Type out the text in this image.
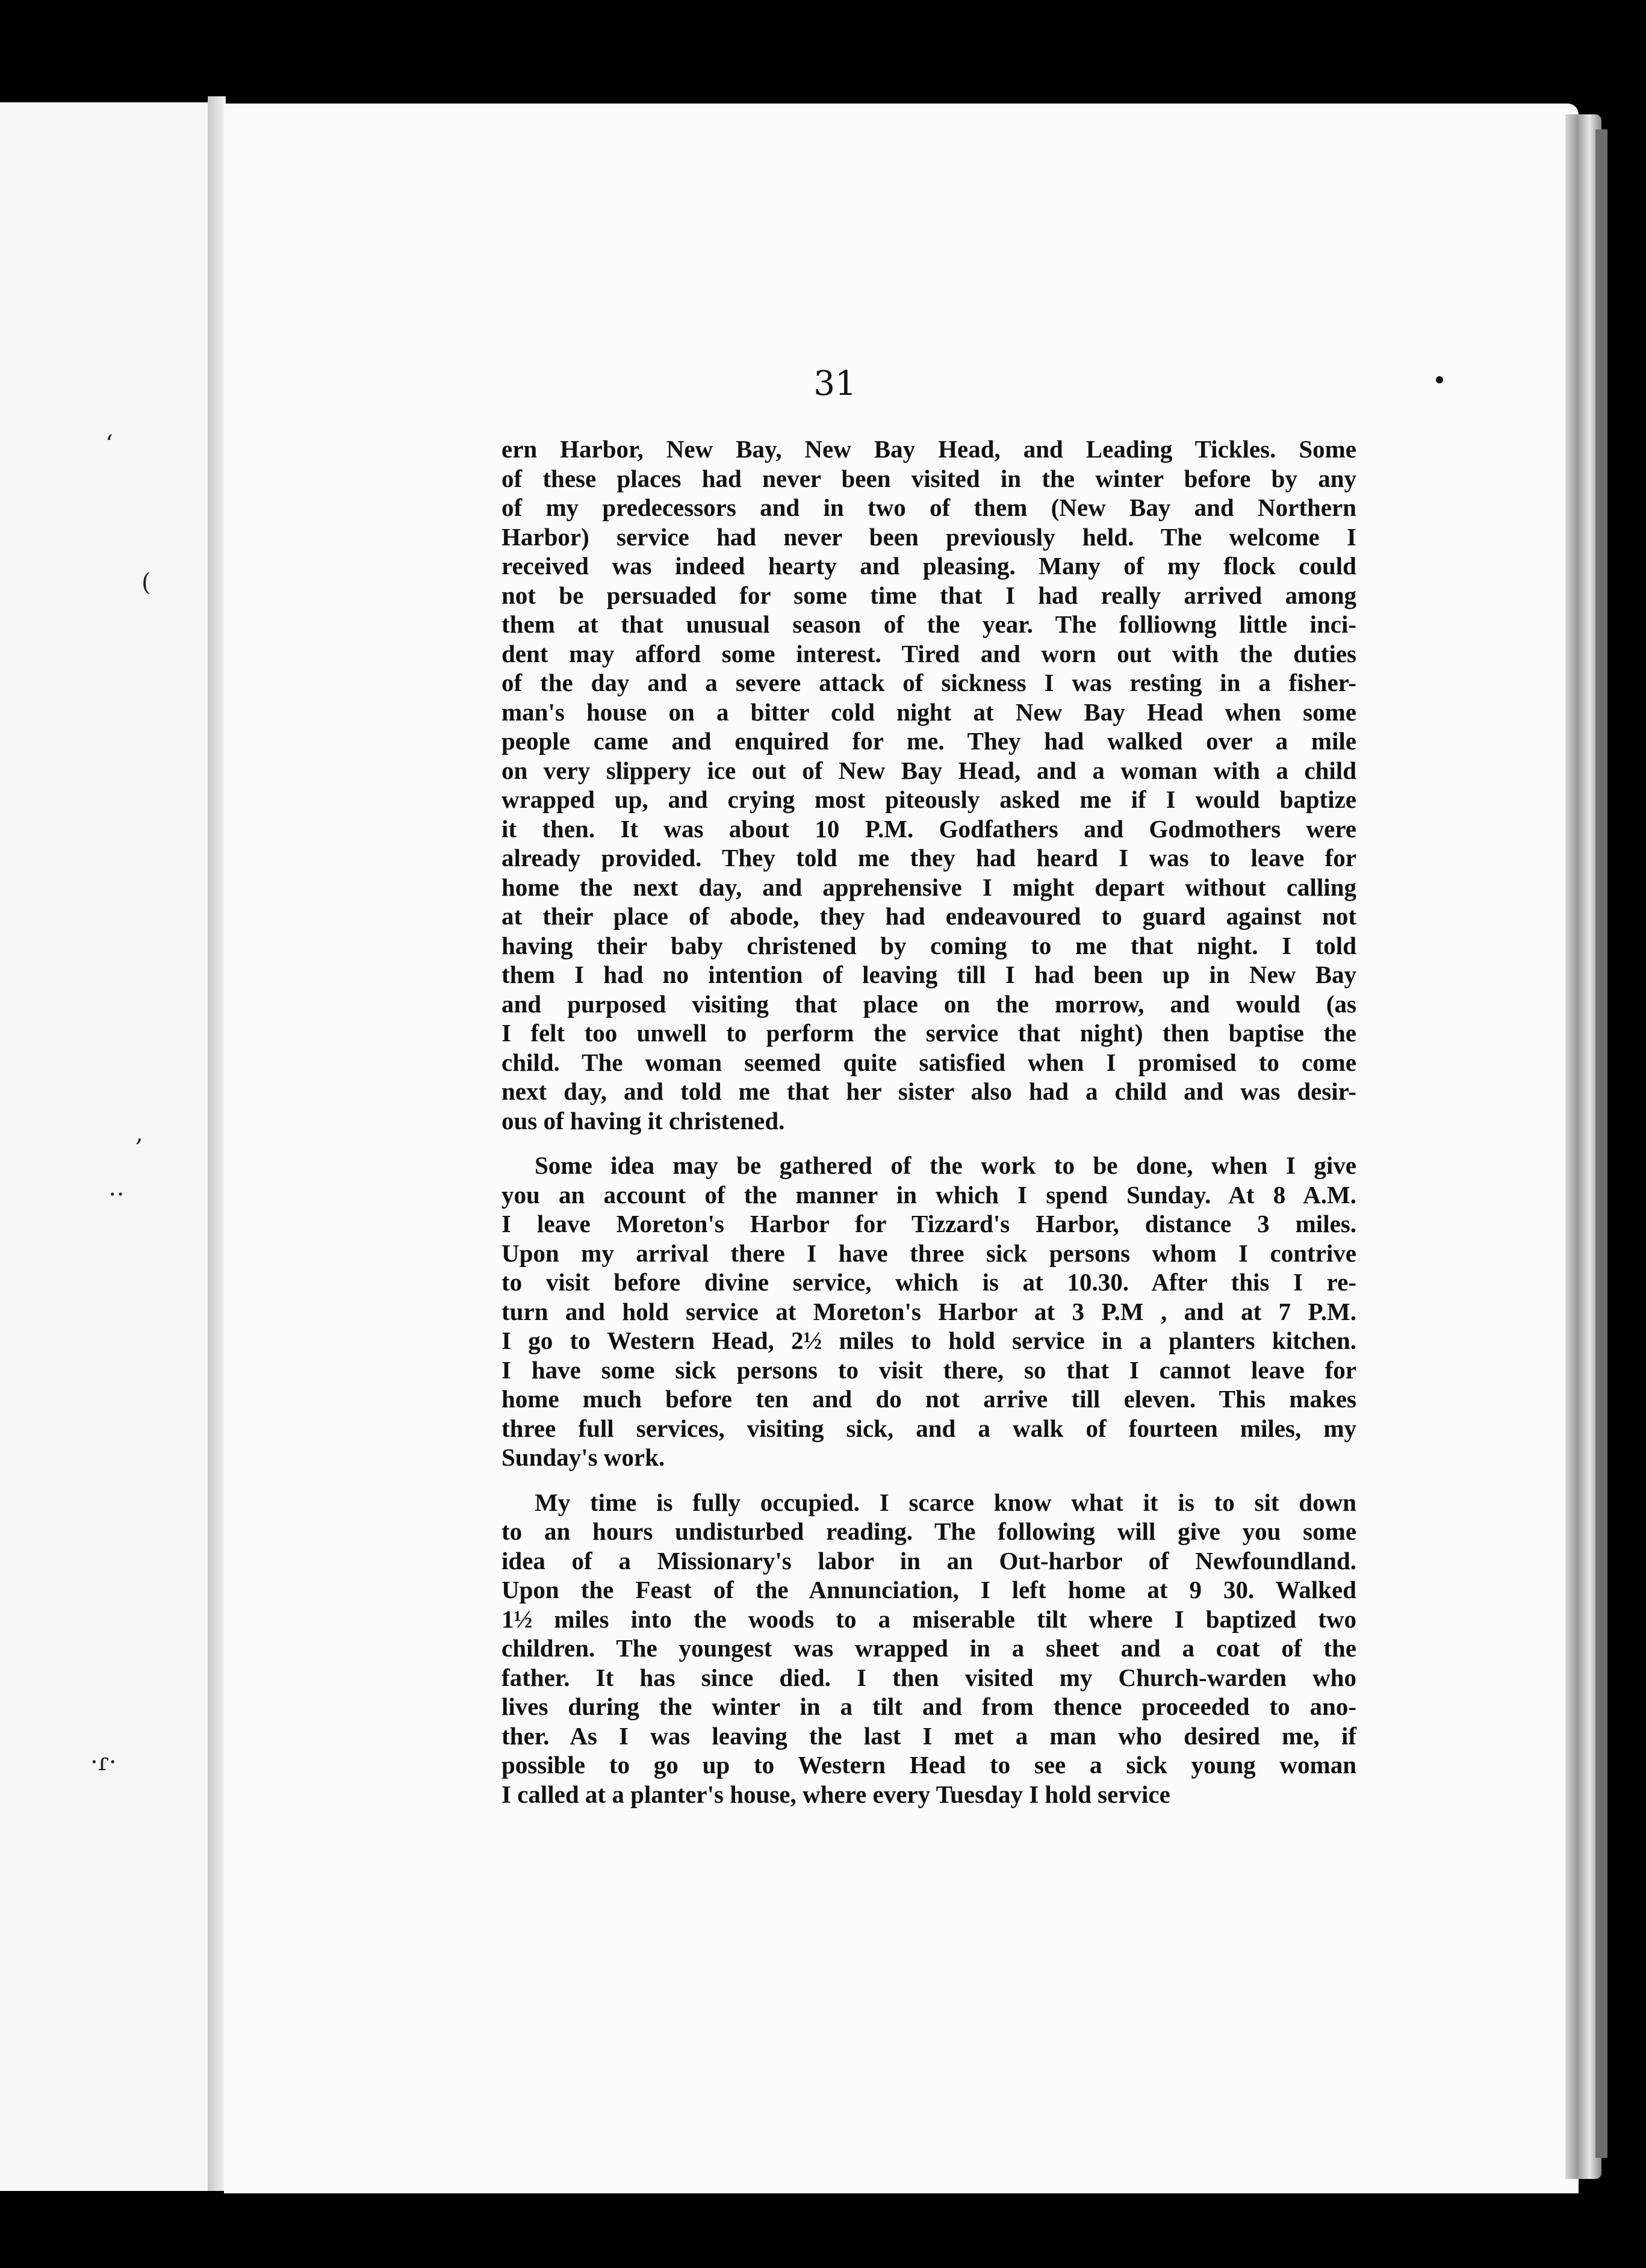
ʻ
(
,
‥
·ɾ·
31
ern Harbor, New Bay, New Bay Head, and Leading Tickles. Some
of these places had never been visited in the winter before by any
of my predecessors and in two of them (New Bay and Northern
Harbor) service had never been previously held. The welcome I
received was indeed hearty and pleasing. Many of my flock could
not be persuaded for some time that I had really arrived among
them at that unusual season of the year. The folliowng little inci-
dent may afford some interest. Tired and worn out with the duties
of the day and a severe attack of sickness I was resting in a fisher-
man's house on a bitter cold night at New Bay Head when some
people came and enquired for me. They had walked over a mile
on very slippery ice out of New Bay Head, and a woman with a child
wrapped up, and crying most piteously asked me if I would baptize
it then. It was about 10 P.M. Godfathers and Godmothers were
already provided. They told me they had heard I was to leave for
home the next day, and apprehensive I might depart without calling
at their place of abode, they had endeavoured to guard against not
having their baby christened by coming to me that night. I told
them I had no intention of leaving till I had been up in New Bay
and purposed visiting that place on the morrow, and would (as
I felt too unwell to perform the service that night) then baptise the
child. The woman seemed quite satisfied when I promised to come
next day, and told me that her sister also had a child and was desir-
ous of having it christened.
Some idea may be gathered of the work to be done, when I give
you an account of the manner in which I spend Sunday. At 8 A.M.
I leave Moreton's Harbor for Tizzard's Harbor, distance 3 miles.
Upon my arrival there I have three sick persons whom I contrive
to visit before divine service, which is at 10.30. After this I re-
turn and hold service at Moreton's Harbor at 3 P.M , and at 7 P.M.
I go to Western Head, 2½ miles to hold service in a planters kitchen.
I have some sick persons to visit there, so that I cannot leave for
home much before ten and do not arrive till eleven. This makes
three full services, visiting sick, and a walk of fourteen miles, my
Sunday's work.
My time is fully occupied. I scarce know what it is to sit down
to an hours undisturbed reading. The following will give you some
idea of a Missionary's labor in an Out-harbor of Newfoundland.
Upon the Feast of the Annunciation, I left home at 9 30. Walked
1½ miles into the woods to a miserable tilt where I baptized two
children. The youngest was wrapped in a sheet and a coat of the
father. It has since died. I then visited my Church-warden who
lives during the winter in a tilt and from thence proceeded to ano-
ther. As I was leaving the last I met a man who desired me, if
possible to go up to Western Head to see a sick young woman
I called at a planter's house, where every Tuesday I hold service
